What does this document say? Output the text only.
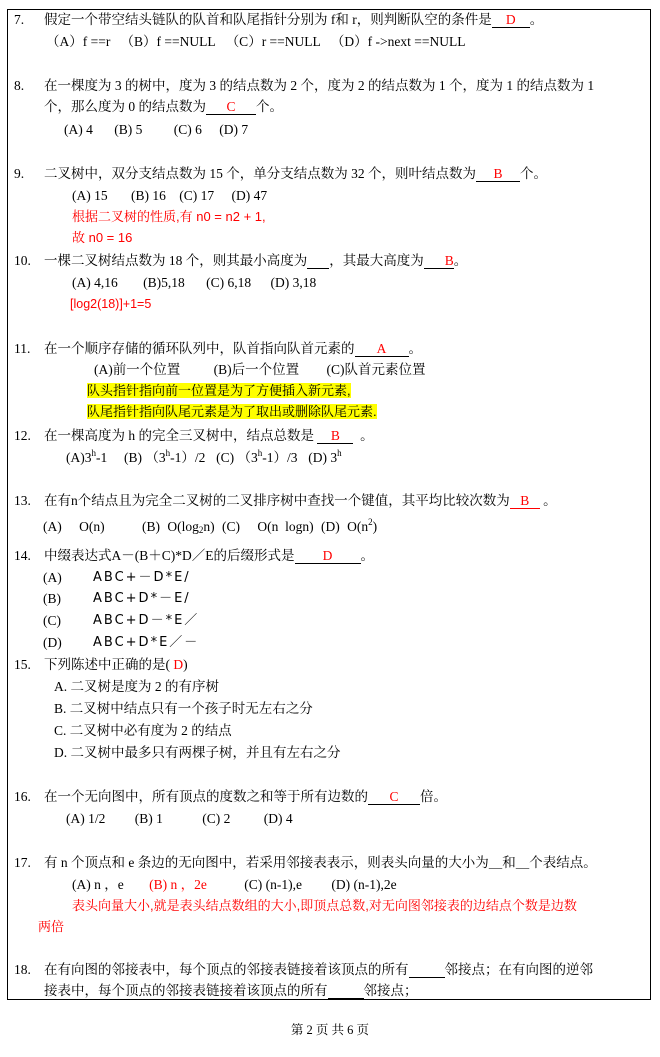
7. 假定一个带空结头链队的队首和队尾指针分别为 f和 r，则判断队空的条件是 D 。
（A）f ==r （B）f ==NULL （C）r ==NULL （D）f ->next ==NULL
8. 在一棵度为 3 的树中，度为 3 的结点数为 2 个，度为 2 的结点数为 1 个，度为 1 的结点数为 1
个，那么度为 0 的结点数为 C 个。
(A) 4 (B) 5 (C) 6 (D) 7
9. 二叉树中，双分支结点数为 15 个，单分支结点数为 32 个，则叶结点数为 B 个。
(A) 15 (B) 16 (C) 17 (D) 47
根据二叉树的性质,有 n0 = n2 + 1,
故 n0 = 16
10. 一棵二叉树结点数为 18 个，则其最小高度为 ，其最大高度为 B。
(A) 4,16 (B)5,18 (C) 6,18 (D) 3,18
[log2(18)]+1=5
11. 在一个顺序存储的循环队列中，队首指向队首元素的 A 。
(A)前一个位置 (B)后一个位置 (C)队首元素位置
队头指针指向前一位置是为了方便插入新元素,
队尾指针指向队尾元素是为了取出或删除队尾元素.
12. 在一棵高度为 h 的完全三叉树中，结点总数是 B 。
(A)3$^h$-1 (B) （3$^h$-1）/2 (C) （3$^h$-1）/3 (D) 3$^h$
13. 在有n个结点且为完全二叉树的二叉排序树中查找一个键值，其平均比较次数为 B 。
(A) O(n)	(B) $O(\log_2n)$ (C) O(n  logn) (D) $O(n^2)$
14. 中缀表达式A－(B＋C)*D／E的后缀形式是 D 。
(A) ABC+－D*E/
(B) ABC+D*－E/
(C) ABC+D－*E／
(D) ABC+D*E／－
15. 下列陈述中正确的是( D)
A. 二叉树是度为 2 的有序树
B. 二叉树中结点只有一个孩子时无左右之分
C. 二叉树中必有度为 2 的结点
D. 二叉树中最多只有两棵子树，并且有左右之分
16. 在一个无向图中，所有顶点的度数之和等于所有边数的 C 倍。
(A) 1/2 (B) 1	(C) 2 (D) 4
17. 有 n 个顶点和 e 条边的无向图中，若采用邻接表表示，则表头向量的大小为＿和＿个表结点。
(A) n ，e (B) n ，2e	(C) (n-1),e (D) (n-1),2e
表头向量大小,就是表头结点数组的大小,即顶点总数,对无向图邻接表的边结点个数是边数
两倍
18. 在有向图的邻接表中，每个顶点的邻接表链接着该顶点的所有	邻接点；在有向图的逆邻
接表中，每个顶点的邻接表链接着该顶点的所有	邻接点；
第 2 页 共 6 页
